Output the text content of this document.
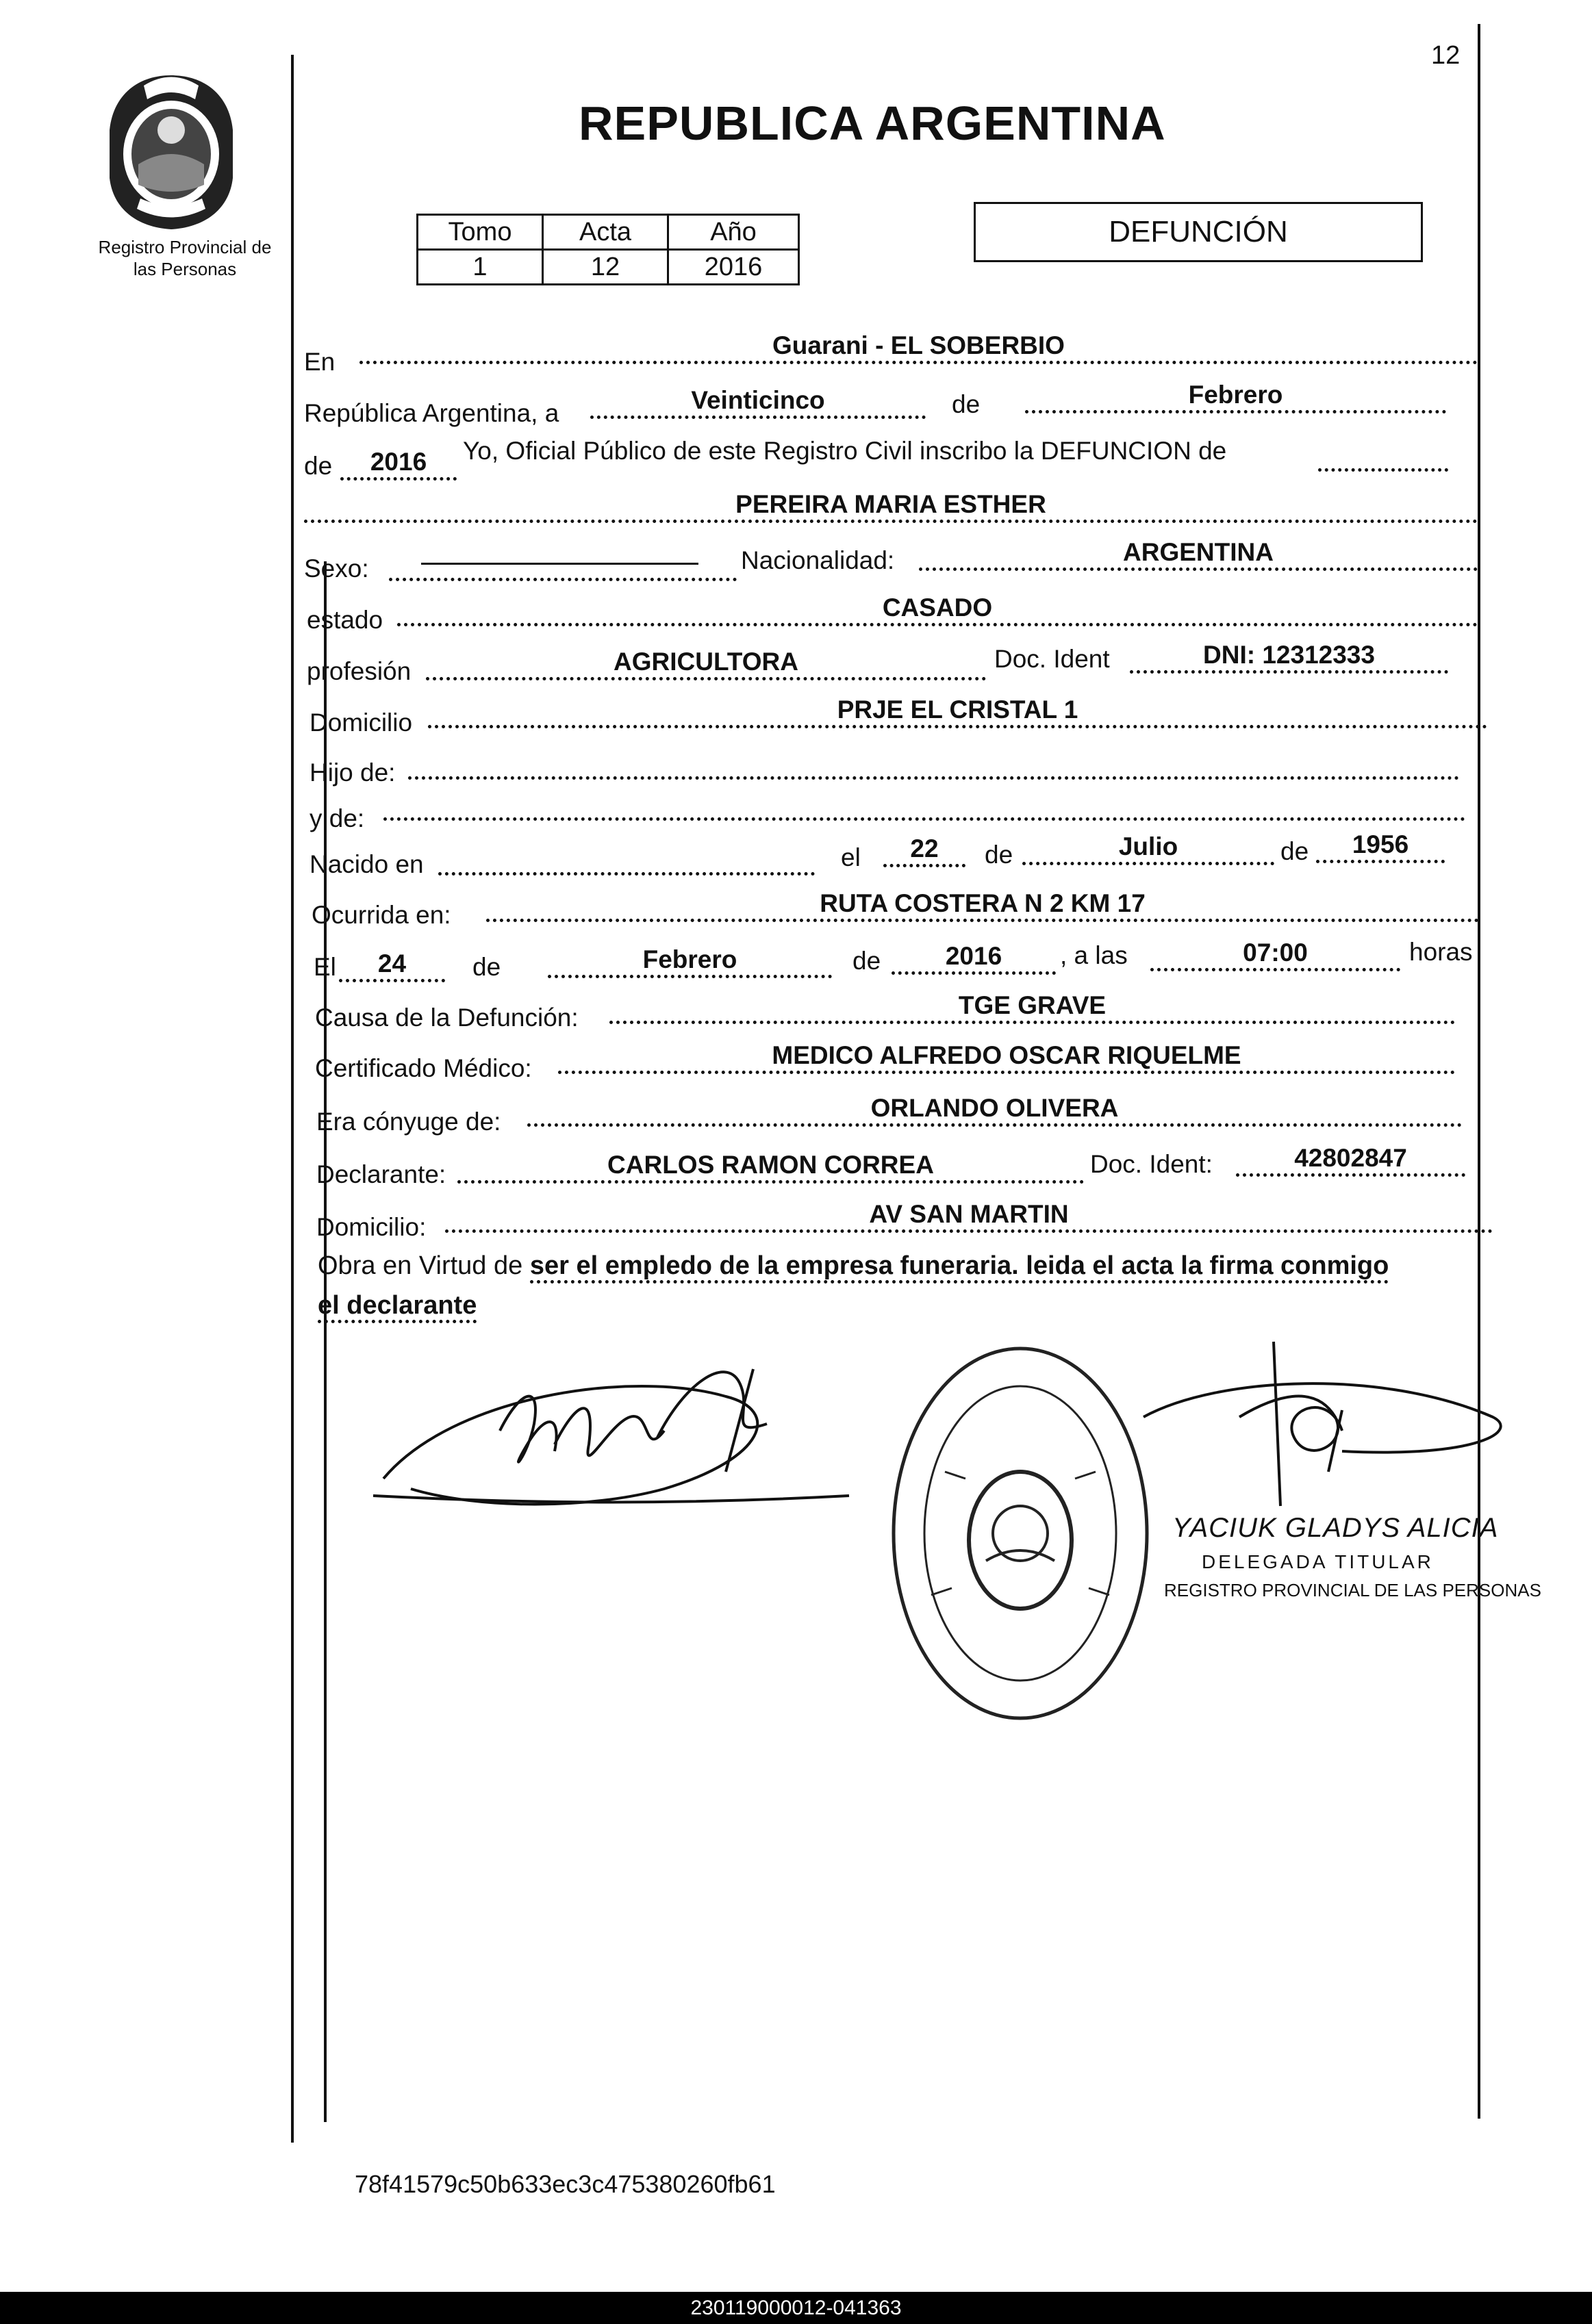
Registro Provincial de
las Personas
12
REPUBLICA ARGENTINA
Tomo	Acta	Año
1	12	2016
DEFUNCIÓN
En
Guarani - EL SOBERBIO
República Argentina, a	Veinticinco	de	Febrero
de	2016	Yo, Oficial Público de este Registro Civil inscribo la DEFUNCION de
PEREIRA MARIA ESTHER
Sexo:	Nacionalidad:	ARGENTINA
estado	CASADO
profesión	AGRICULTORA	Doc. Ident	DNI: 12312333
Domicilio	PRJE EL CRISTAL 1
Hijo de:
y de:
Nacido en	el	22	de	Julio	de	1956
Ocurrida en:	RUTA COSTERA N 2 KM 17
El	24	de	Febrero	de	2016	, a las	07:00	horas
Causa de la Defunción:	TGE GRAVE
Certificado Médico:	MEDICO ALFREDO OSCAR RIQUELME
Era cónyuge de:	ORLANDO OLIVERA
Declarante:	CARLOS RAMON CORREA	Doc. Ident:	42802847
Domicilio:	AV SAN MARTIN
Obra en Virtud de ser el empledo de la empresa funeraria. leida el acta la firma conmigo
el declarante
YACIUK GLADYS ALICIA
DELEGADA TITULAR
REGISTRO PROVINCIAL DE LAS PERSONAS
78f41579c50b633ec3c475380260fb61
230119000012-041363
